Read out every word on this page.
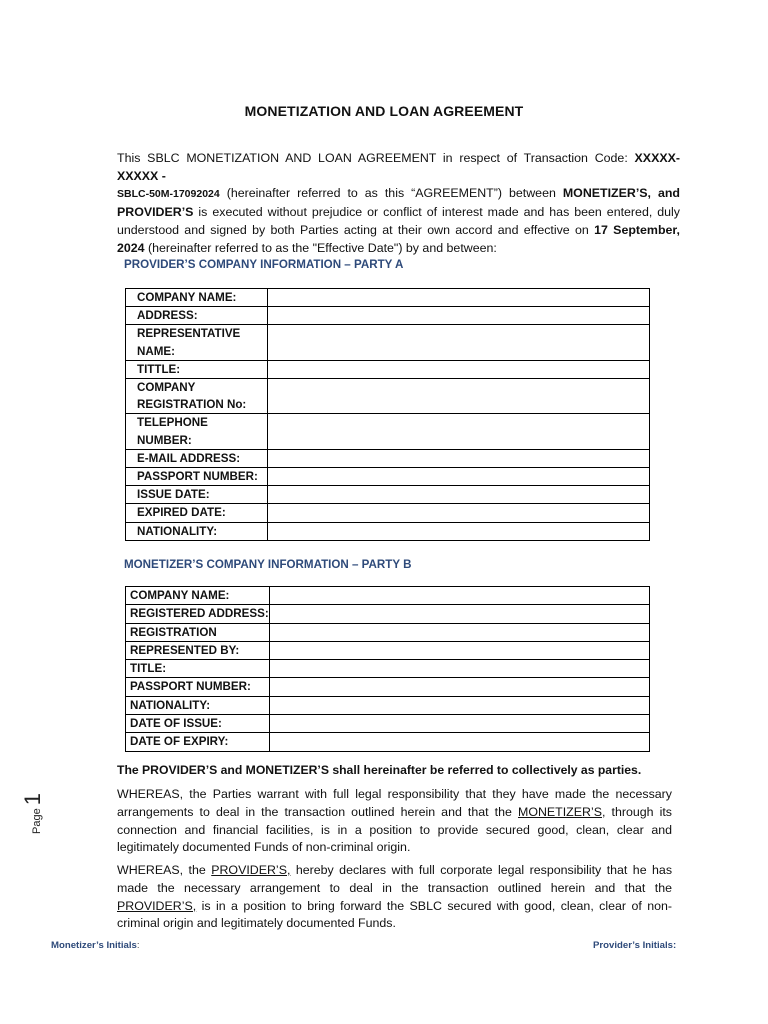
MONETIZATION AND LOAN AGREEMENT
This SBLC MONETIZATION AND LOAN AGREEMENT in respect of Transaction Code: XXXXX- XXXXX -
SBLC-50M-17092024 (hereinafter referred to as this “AGREEMENT”) between MONETIZER’S, and PROVIDER’S is executed without prejudice or conflict of interest made and has been entered, duly understood and signed by both Parties acting at their own accord and effective on 17 September, 2024 (hereinafter referred to as the "Effective Date") by and between:
PROVIDER’S COMPANY INFORMATION – PARTY A
COMPANY NAME:	
ADDRESS:	
REPRESENTATIVE NAME:	
TITTLE:	
COMPANY REGISTRATION No:	
TELEPHONE NUMBER:	
E-MAIL ADDRESS:	
PASSPORT NUMBER:	
ISSUE DATE:	
EXPIRED DATE:	
NATIONALITY:	
MONETIZER’S COMPANY INFORMATION – PARTY B
COMPANY NAME:	
REGISTERED ADDRESS:	
REGISTRATION	
REPRESENTED BY:	
TITLE:	
PASSPORT NUMBER:	
NATIONALITY:	
DATE OF ISSUE:	
DATE OF EXPIRY:	
The PROVIDER’S and MONETIZER’S shall hereinafter be referred to collectively as parties.
WHEREAS, the Parties warrant with full legal responsibility that they have made the necessary arrangements to deal in the transaction outlined herein and that the MONETIZER’S, through its connection and financial facilities, is in a position to provide secured good, clean, clear and legitimately documented Funds of non-criminal origin.
WHEREAS, the PROVIDER’S, hereby declares with full corporate legal responsibility that he has made the necessary arrangement to deal in the transaction outlined herein and that the PROVIDER’S, is in a position to bring forward the SBLC secured with good, clean, clear of non-criminal origin and legitimately documented Funds.
Page 1
Monetizer’s Initials:	Provider’s Initials:
